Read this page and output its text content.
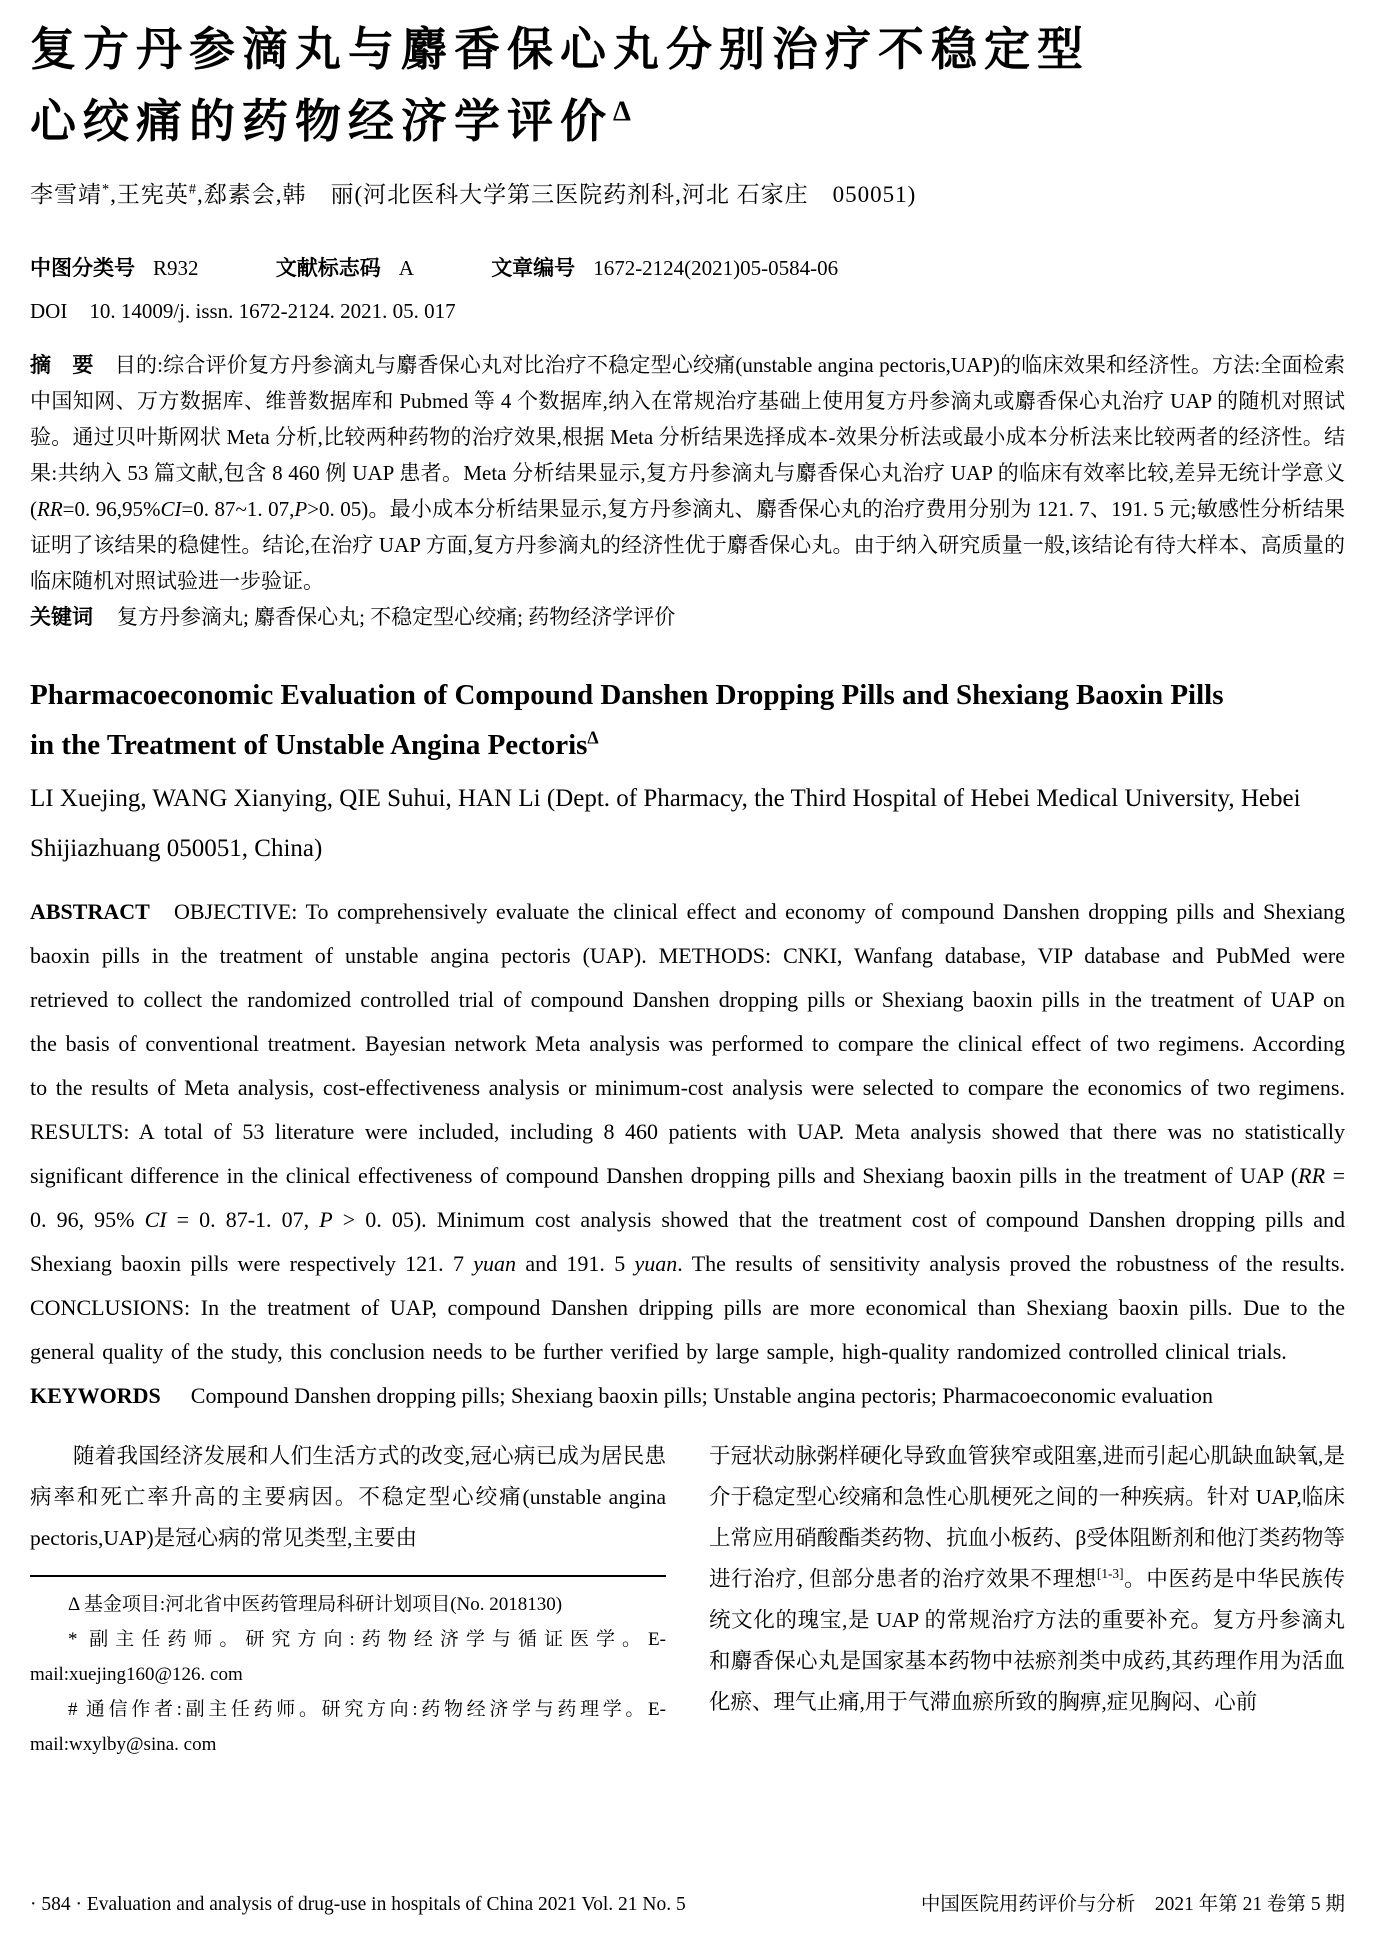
复方丹参滴丸与麝香保心丸分别治疗不稳定型
心绞痛的药物经济学评价$^\Delta$

李雪靖*,王宪英#,郄素会,韩　丽(河北医科大学第三医院药剂科,河北 石家庄　050051)

中图分类号 R932	文献标志码 A	文章编号 1672-2124(2021)05-0584-06

DOI 10. 14009/j. issn. 1672-2124. 2021. 05. 017

摘　要　目的:综合评价复方丹参滴丸与麝香保心丸对比治疗不稳定型心绞痛(unstable angina pectoris,UAP)的临床效果和经济性。方法:全面检索中国知网、万方数据库、维普数据库和 Pubmed 等 4 个数据库,纳入在常规治疗基础上使用复方丹参滴丸或麝香保心丸治疗 UAP 的随机对照试验。通过贝叶斯网状 Meta 分析,比较两种药物的治疗效果,根据 Meta 分析结果选择成本-效果分析法或最小成本分析法来比较两者的经济性。结果:共纳入 53 篇文献,包含 8 460 例 UAP 患者。Meta 分析结果显示,复方丹参滴丸与麝香保心丸治疗 UAP 的临床有效率比较,差异无统计学意义(RR=0. 96,95%CI=0. 87~1. 07,P>0. 05)。最小成本分析结果显示,复方丹参滴丸、麝香保心丸的治疗费用分别为 121. 7、191. 5 元;敏感性分析结果证明了该结果的稳健性。结论,在治疗 UAP 方面,复方丹参滴丸的经济性优于麝香保心丸。由于纳入研究质量一般,该结论有待大样本、高质量的临床随机对照试验进一步验证。

关键词 复方丹参滴丸; 麝香保心丸; 不稳定型心绞痛; 药物经济学评价

Pharmacoeconomic Evaluation of Compound Danshen Dropping Pills and Shexiang Baoxin Pills
in the Treatment of Unstable Angina Pectoris$^\Delta$

LI Xuejing, WANG Xianying, QIE Suhui, HAN Li (Dept. of Pharmacy, the Third Hospital of Hebei Medical University, Hebei Shijiazhuang 050051, China)

ABSTRACT　OBJECTIVE: To comprehensively evaluate the clinical effect and economy of compound Danshen dropping pills and Shexiang baoxin pills in the treatment of unstable angina pectoris (UAP). METHODS: CNKI, Wanfang database, VIP database and PubMed were retrieved to collect the randomized controlled trial of compound Danshen dropping pills or Shexiang baoxin pills in the treatment of UAP on the basis of conventional treatment. Bayesian network Meta analysis was performed to compare the clinical effect of two regimens. According to the results of Meta analysis, cost-effectiveness analysis or minimum-cost analysis were selected to compare the economics of two regimens. RESULTS: A total of 53 literature were included, including 8 460 patients with UAP. Meta analysis showed that there was no statistically significant difference in the clinical effectiveness of compound Danshen dropping pills and Shexiang baoxin pills in the treatment of UAP (RR = 0. 96, 95% CI = 0. 87-1. 07, P > 0. 05). Minimum cost analysis showed that the treatment cost of compound Danshen dropping pills and Shexiang baoxin pills were respectively 121. 7 yuan and 191. 5 yuan. The results of sensitivity analysis proved the robustness of the results. CONCLUSIONS: In the treatment of UAP, compound Danshen dripping pills are more economical than Shexiang baoxin pills. Due to the general quality of the study, this conclusion needs to be further verified by large sample, high-quality randomized controlled clinical trials.

KEYWORDS Compound Danshen dropping pills; Shexiang baoxin pills; Unstable angina pectoris; Pharmacoeconomic evaluation

随着我国经济发展和人们生活方式的改变,冠心病已成为居民患病率和死亡率升高的主要病因。不稳定型心绞痛(unstable angina pectoris,UAP)是冠心病的常见类型,主要由

Δ 基金项目:河北省中医药管理局科研计划项目(No. 2018130)

* 副主任药师。研究方向:药物经济学与循证医学。E-mail:xuejing160@126. com

# 通信作者:副主任药师。研究方向:药物经济学与药理学。E-mail:wxylby@sina. com

于冠状动脉粥样硬化导致血管狭窄或阻塞,进而引起心肌缺血缺氧,是介于稳定型心绞痛和急性心肌梗死之间的一种疾病。针对 UAP,临床上常应用硝酸酯类药物、抗血小板药、β受体阻断剂和他汀类药物等进行治疗, 但部分患者的治疗效果不理想[1-3]。中医药是中华民族传统文化的瑰宝,是 UAP 的常规治疗方法的重要补充。复方丹参滴丸和麝香保心丸是国家基本药物中祛瘀剂类中成药,其药理作用为活血化瘀、理气止痛,用于气滞血瘀所致的胸痹,症见胸闷、心前

· 584 · Evaluation and analysis of drug-use in hospitals of China 2021 Vol. 21 No. 5	中国医院用药评价与分析　2021 年第 21 卷第 5 期
